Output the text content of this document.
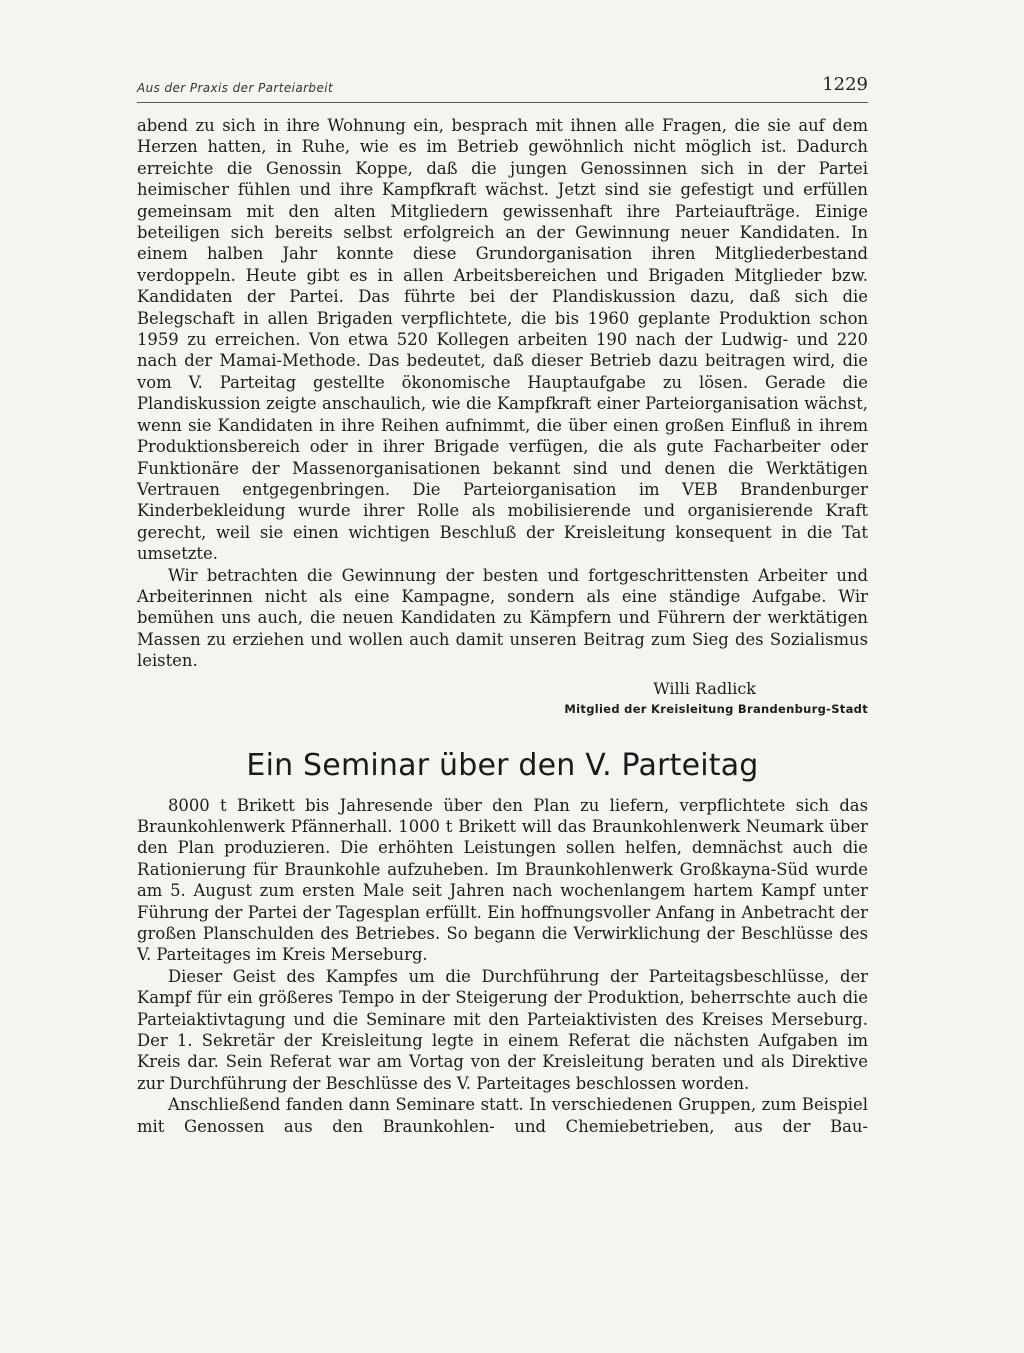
Aus der Praxis der Parteiarbeit	1229

abend zu sich in ihre Wohnung ein, besprach mit ihnen alle Fragen, die sie auf dem Herzen hatten, in Ruhe, wie es im Betrieb gewöhnlich nicht möglich ist. Dadurch erreichte die Genossin Koppe, daß die jungen Genossinnen sich in der Partei heimischer fühlen und ihre Kampfkraft wächst. Jetzt sind sie gefestigt und erfüllen gemeinsam mit den alten Mitgliedern gewissenhaft ihre Parteiaufträge. Einige beteiligen sich bereits selbst erfolgreich an der Gewinnung neuer Kandidaten. In einem halben Jahr konnte diese Grundorganisation ihren Mitgliederbestand verdoppeln. Heute gibt es in allen Arbeitsbereichen und Brigaden Mitglieder bzw. Kandidaten der Partei. Das führte bei der Plandiskussion dazu, daß sich die Belegschaft in allen Brigaden verpflichtete, die bis 1960 geplante Produktion schon 1959 zu erreichen. Von etwa 520 Kollegen arbeiten 190 nach der Ludwig- und 220 nach der Mamai-Methode. Das bedeutet, daß dieser Betrieb dazu beitragen wird, die vom V. Parteitag gestellte ökonomische Hauptaufgabe zu lösen. Gerade die Plandiskussion zeigte anschaulich, wie die Kampfkraft einer Parteiorganisation wächst, wenn sie Kandidaten in ihre Reihen aufnimmt, die über einen großen Einfluß in ihrem Produktionsbereich oder in ihrer Brigade verfügen, die als gute Facharbeiter oder Funktionäre der Massenorganisationen bekannt sind und denen die Werktätigen Vertrauen entgegenbringen. Die Parteiorganisation im VEB Brandenburger Kinderbekleidung wurde ihrer Rolle als mobilisierende und organisierende Kraft gerecht, weil sie einen wichtigen Beschluß der Kreisleitung konsequent in die Tat umsetzte.

Wir betrachten die Gewinnung der besten und fortgeschrittensten Arbeiter und Arbeiterinnen nicht als eine Kampagne, sondern als eine ständige Aufgabe. Wir bemühen uns auch, die neuen Kandidaten zu Kämpfern und Führern der werktätigen Massen zu erziehen und wollen auch damit unseren Beitrag zum Sieg des Sozialismus leisten.

Willi Radlick
Mitglied der Kreisleitung Brandenburg-Stadt
Ein Seminar über den V. Parteitag

8000 t Brikett bis Jahresende über den Plan zu liefern, verpflichtete sich das Braunkohlenwerk Pfännerhall. 1000 t Brikett will das Braunkohlenwerk Neumark über den Plan produzieren. Die erhöhten Leistungen sollen helfen, demnächst auch die Rationierung für Braunkohle aufzuheben. Im Braunkohlenwerk Großkayna-Süd wurde am 5. August zum ersten Male seit Jahren nach wochenlangem hartem Kampf unter Führung der Partei der Tagesplan erfüllt. Ein hoffnungsvoller Anfang in Anbetracht der großen Planschulden des Betriebes. So begann die Verwirklichung der Beschlüsse des V. Parteitages im Kreis Merseburg.

Dieser Geist des Kampfes um die Durchführung der Parteitagsbeschlüsse, der Kampf für ein größeres Tempo in der Steigerung der Produktion, beherrschte auch die Parteiaktivtagung und die Seminare mit den Parteiaktivisten des Kreises Merseburg. Der 1. Sekretär der Kreisleitung legte in einem Referat die nächsten Aufgaben im Kreis dar. Sein Referat war am Vortag von der Kreisleitung beraten und als Direktive zur Durchführung der Beschlüsse des V. Parteitages beschlossen worden.

Anschließend fanden dann Seminare statt. In verschiedenen Gruppen, zum Beispiel mit Genossen aus den Braunkohlen- und Chemiebetrieben, aus der Bau-
